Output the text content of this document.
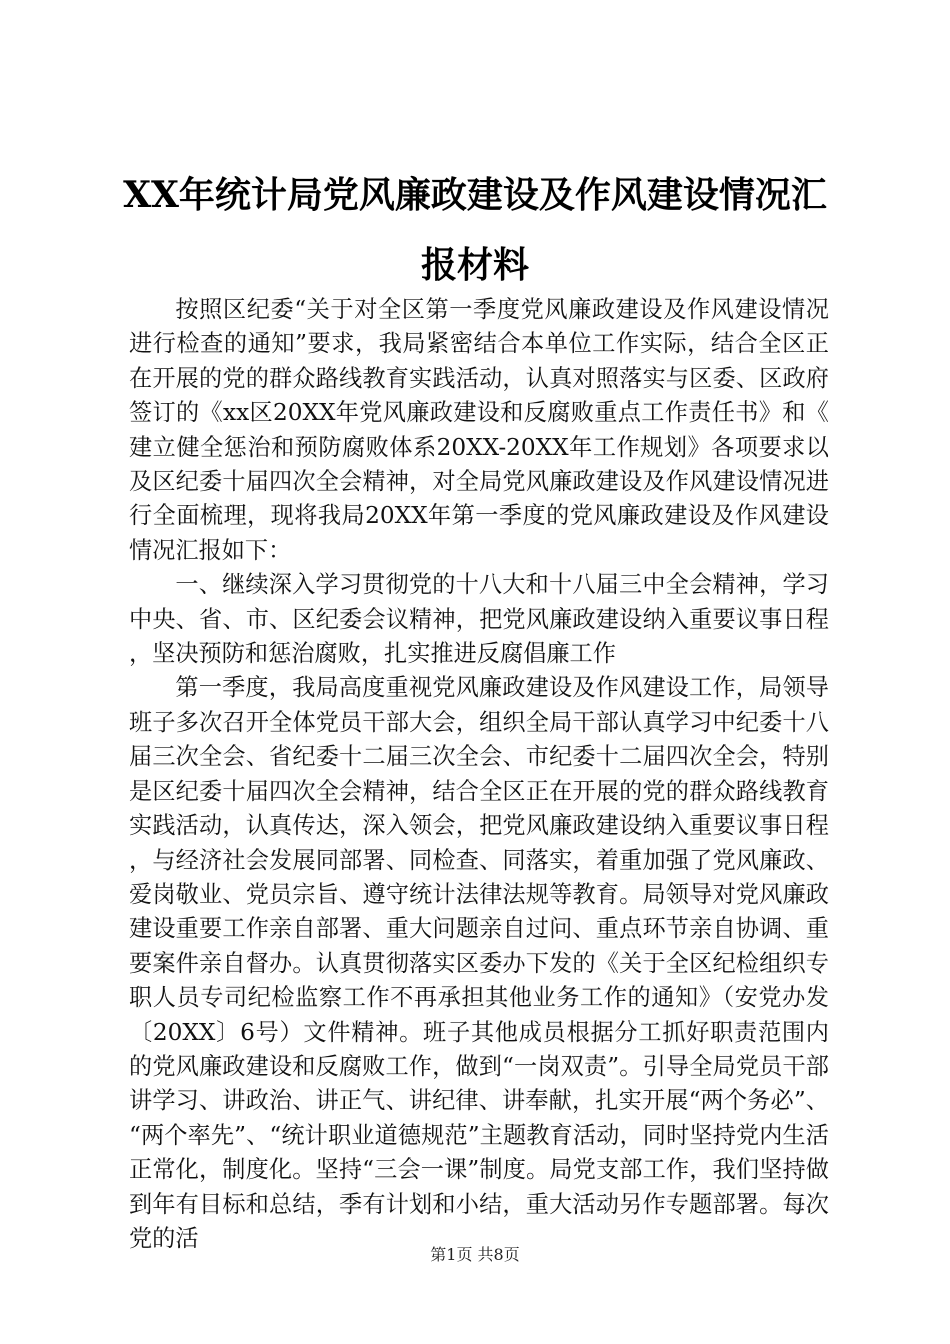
XX年统计局党风廉政建设及作风建设情况汇报材料

按照区纪委“关于对全区第一季度党风廉政建设及作风建设情况进行检查的通知”要求，我局紧密结合本单位工作实际，结合全区正在开展的党的群众路线教育实践活动，认真对照落实与区委、区政府签订的《xx区20XX年党风廉政建设和反腐败重点工作责任书》和《建立健全惩治和预防腐败体系20XX-20XX年工作规划》各项要求以及区纪委十届四次全会精神，对全局党风廉政建设及作风建设情况进行全面梳理，现将我局20XX年第一季度的党风廉政建设及作风建设情况汇报如下：

一、继续深入学习贯彻党的十八大和十八届三中全会精神，学习中央、省、市、区纪委会议精神，把党风廉政建设纳入重要议事日程，坚决预防和惩治腐败，扎实推进反腐倡廉工作

第一季度，我局高度重视党风廉政建设及作风建设工作，局领导班子多次召开全体党员干部大会，组织全局干部认真学习中纪委十八届三次全会、省纪委十二届三次全会、市纪委十二届四次全会，特别是区纪委十届四次全会精神，结合全区正在开展的党的群众路线教育实践活动，认真传达，深入领会，把党风廉政建设纳入重要议事日程，与经济社会发展同部署、同检查、同落实，着重加强了党风廉政、爱岗敬业、党员宗旨、遵守统计法律法规等教育。局领导对党风廉政建设重要工作亲自部署、重大问题亲自过问、重点环节亲自协调、重要案件亲自督办。认真贯彻落实区委办下发的《关于全区纪检组织专职人员专司纪检监察工作不再承担其他业务工作的通知》（安党办发〔20XX〕6号）文件精神。班子其他成员根据分工抓好职责范围内的党风廉政建设和反腐败工作，做到“一岗双责”。引导全局党员干部讲学习、讲政治、讲正气、讲纪律、讲奉献，扎实开展“两个务必”、“两个率先”、“统计职业道德规范”主题教育活动，同时坚持党内生活正常化，制度化。坚持“三会一课”制度。局党支部工作，我们坚持做到年有目标和总结，季有计划和小结，重大活动另作专题部署。每次党的活

第1页 共8页
